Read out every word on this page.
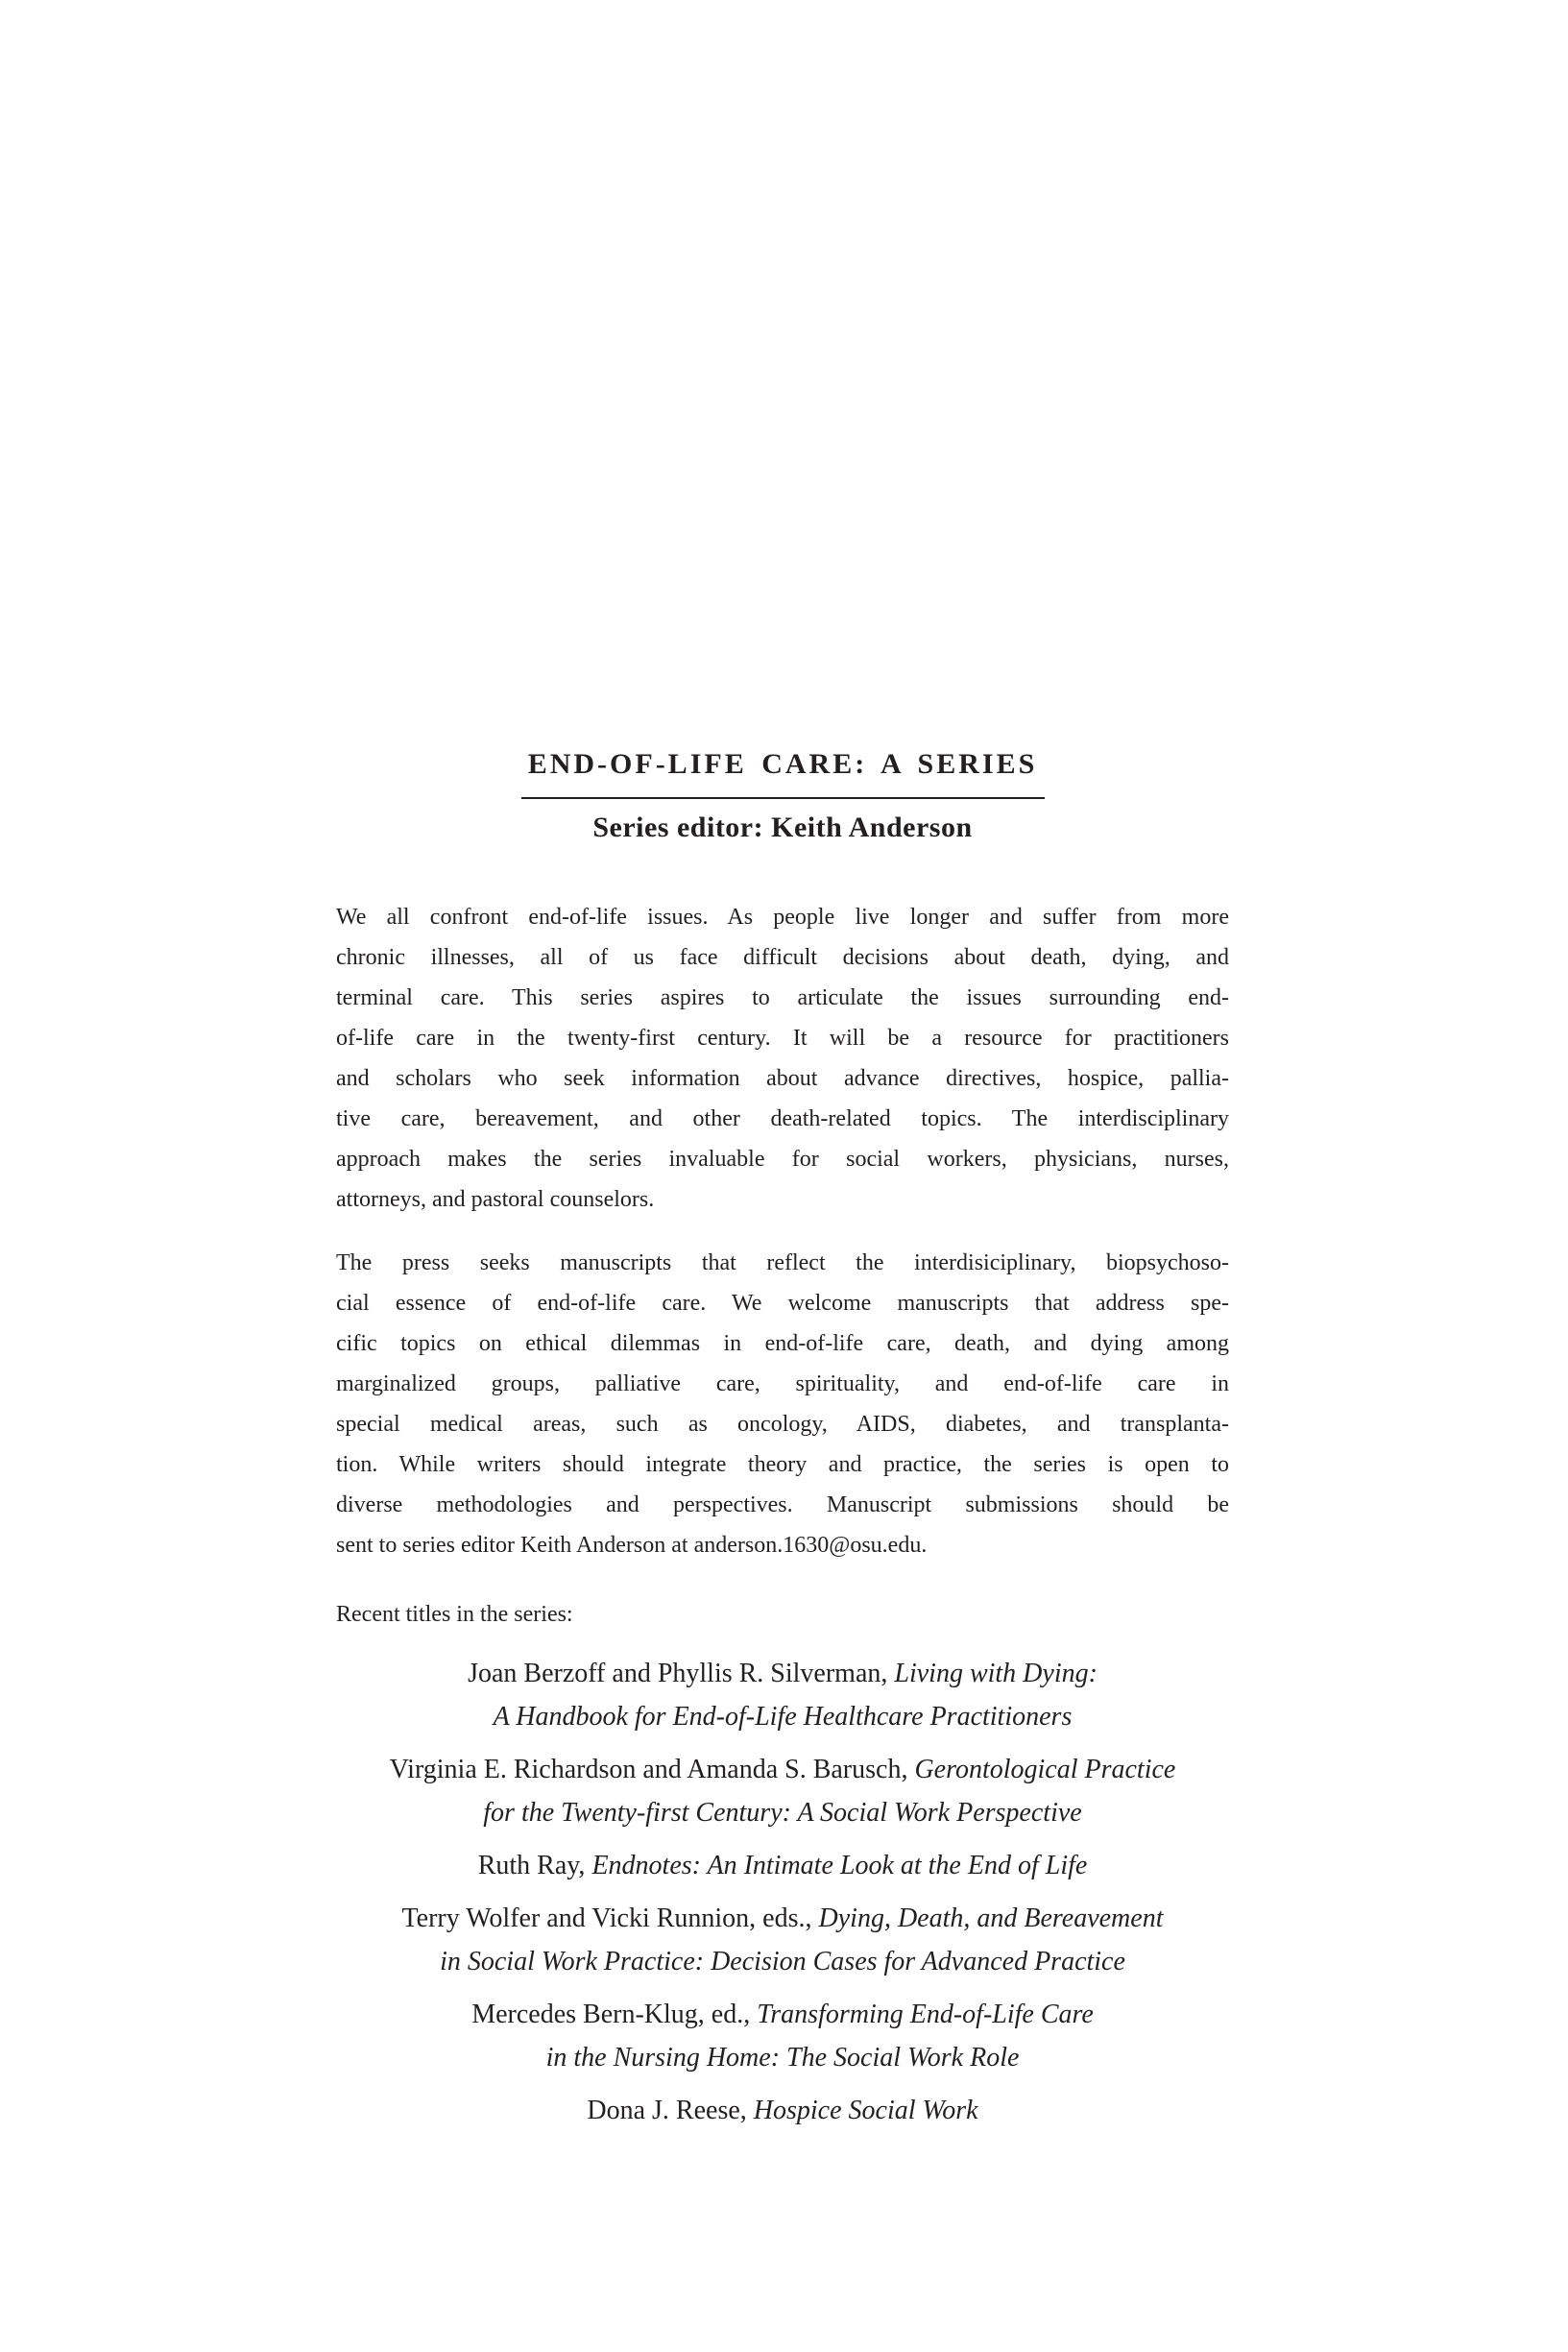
END-OF-LIFE CARE: A SERIES
Series editor: Keith Anderson
We all confront end-of-life issues. As people live longer and suffer from more
chronic illnesses, all of us face difficult decisions about death, dying, and
terminal care. This series aspires to articulate the issues surrounding end-
of-life care in the twenty-first century. It will be a resource for practitioners
and scholars who seek information about advance directives, hospice, pallia-
tive care, bereavement, and other death-related topics. The interdisciplinary
approach makes the series invaluable for social workers, physicians, nurses,
attorneys, and pastoral counselors.
The press seeks manuscripts that reflect the interdisiciplinary, biopsychoso-
cial essence of end-of-life care. We welcome manuscripts that address spe-
cific topics on ethical dilemmas in end-of-life care, death, and dying among
marginalized groups, palliative care, spirituality, and end-of-life care in
special medical areas, such as oncology, AIDS, diabetes, and transplanta-
tion. While writers should integrate theory and practice, the series is open to
diverse methodologies and perspectives. Manuscript submissions should be
sent to series editor Keith Anderson at anderson.1630@osu.edu.
Recent titles in the series:
Joan Berzoff and Phyllis R. Silverman, Living with Dying:
A Handbook for End-of-Life Healthcare Practitioners
Virginia E. Richardson and Amanda S. Barusch, Gerontological Practice
for the Twenty-first Century: A Social Work Perspective
Ruth Ray, Endnotes: An Intimate Look at the End of Life
Terry Wolfer and Vicki Runnion, eds., Dying, Death, and Bereavement
in Social Work Practice: Decision Cases for Advanced Practice
Mercedes Bern-Klug, ed., Transforming End-of-Life Care
in the Nursing Home: The Social Work Role
Dona J. Reese, Hospice Social Work
